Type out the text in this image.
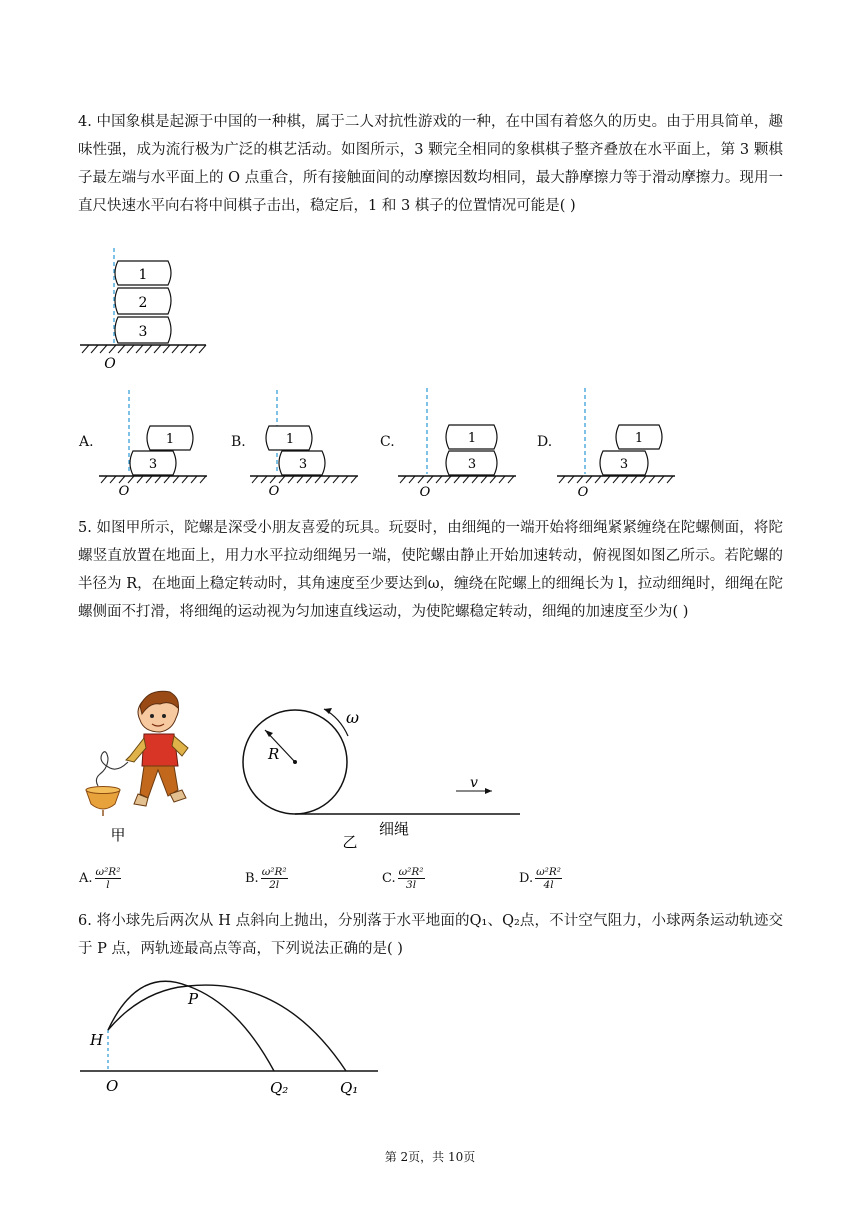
4. 中国象棋是起源于中国的一种棋，属于二人对抗性游戏的一种，在中国有着悠久的历史。由于用具简单，趣味性强，成为流行极为广泛的棋艺活动。如图所示，3 颗完全相同的象棋棋子整齐叠放在水平面上，第 3 颗棋子最左端与水平面上的 O 点重合，所有接触面间的动摩擦因数均相同，最大静摩擦力等于滑动摩擦力。现用一直尺快速水平向右将中间棋子击出，稳定后，1 和 3 棋子的位置情况可能是( )

1
2
3
O
A.	1
3
O
B.	1
3
O
C.	1
3
O
D.	1
3
O

5. 如图甲所示，陀螺是深受小朋友喜爱的玩具。玩耍时，由细绳的一端开始将细绳紧紧缠绕在陀螺侧面，将陀螺竖直放置在地面上，用力水平拉动细绳另一端，使陀螺由静止开始加速转动，俯视图如图乙所示。若陀螺的半径为 R，在地面上稳定转动时，其角速度至少要达到ω，缠绕在陀螺上的细绳长为 l，拉动细绳时，细绳在陀螺侧面不打滑，将细绳的运动视为匀加速直线运动，为使陀螺稳定转动，细绳的加速度至少为( )

甲
R
ω
v
细绳
乙
A. ω²R²
l	B. ω²R²
2l	C. ω²R²
3l	D. ω²R²
4l

6. 将小球先后两次从 H 点斜向上抛出，分别落于水平地面的Q₁、Q₂点，不计空气阻力，小球两条运动轨迹交于 P 点，两轨迹最高点等高，下列说法正确的是( )

H
P
O	Q₂	Q₁
第 2页，共 10页
